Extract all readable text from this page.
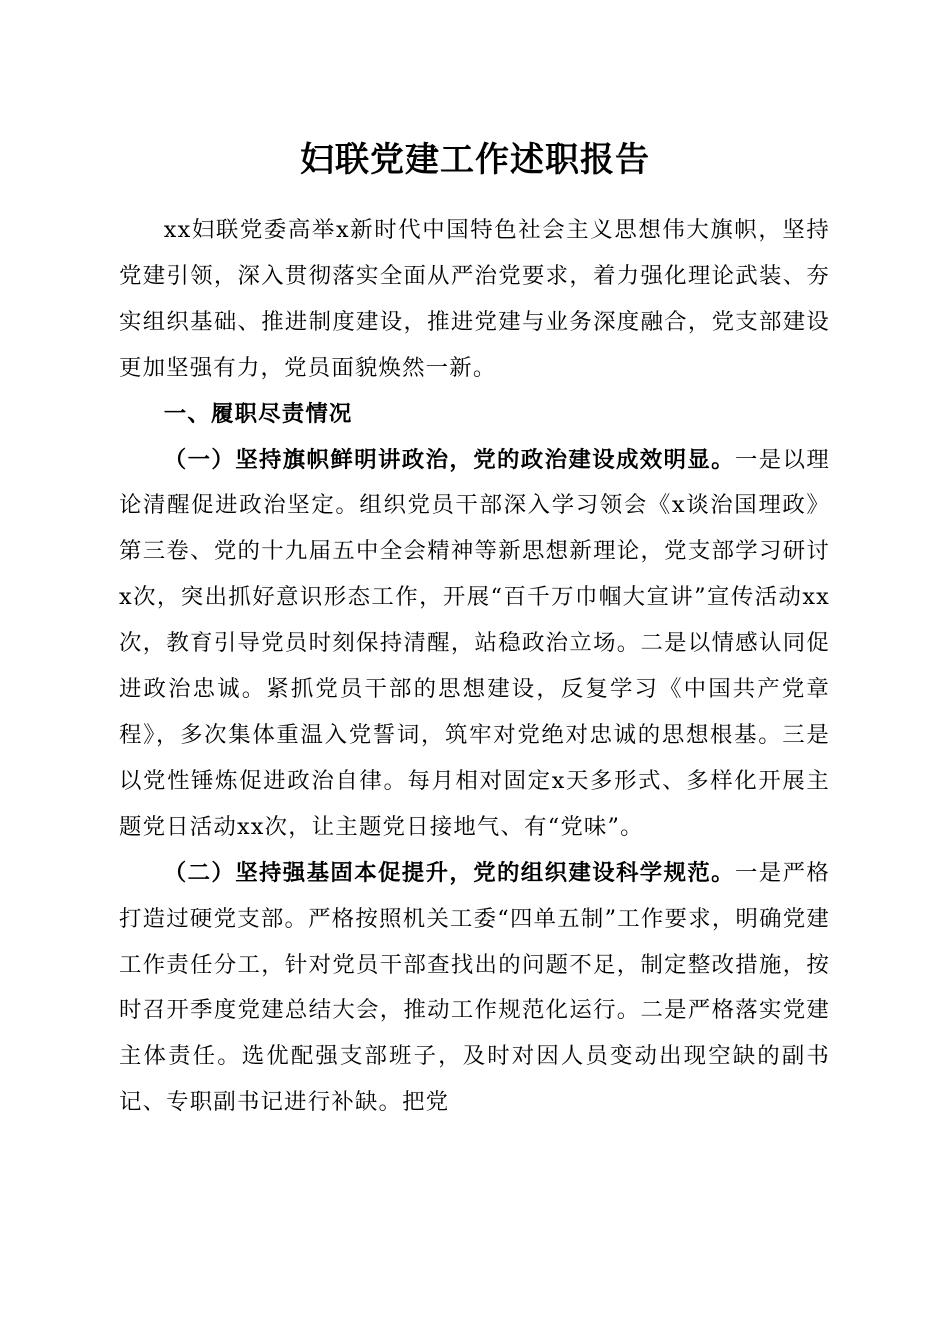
妇联党建工作述职报告

xx妇联党委高举x新时代中国特色社会主义思想伟大旗帜，坚持党建引领，深入贯彻落实全面从严治党要求，着力强化理论武装、夯实组织基础、推进制度建设，推进党建与业务深度融合，党支部建设更加坚强有力，党员面貌焕然一新。

一、履职尽责情况

（一）坚持旗帜鲜明讲政治，党的政治建设成效明显。一是以理论清醒促进政治坚定。组织党员干部深入学习领会《x谈治国理政》第三卷、党的十九届五中全会精神等新思想新理论，党支部学习研讨x次，突出抓好意识形态工作，开展“百千万巾帼大宣讲”宣传活动xx次，教育引导党员时刻保持清醒，站稳政治立场。二是以情感认同促进政治忠诚。紧抓党员干部的思想建设，反复学习《中国共产党章程》，多次集体重温入党誓词，筑牢对党绝对忠诚的思想根基。三是以党性锤炼促进政治自律。每月相对固定x天多形式、多样化开展主题党日活动xx次，让主题党日接地气、有“党味”。

（二）坚持强基固本促提升，党的组织建设科学规范。一是严格打造过硬党支部。严格按照机关工委“四单五制”工作要求，明确党建工作责任分工，针对党员干部查找出的问题不足，制定整改措施，按时召开季度党建总结大会，推动工作规范化运行。二是严格落实党建主体责任。选优配强支部班子，及时对因人员变动出现空缺的副书记、专职副书记进行补缺。把党
